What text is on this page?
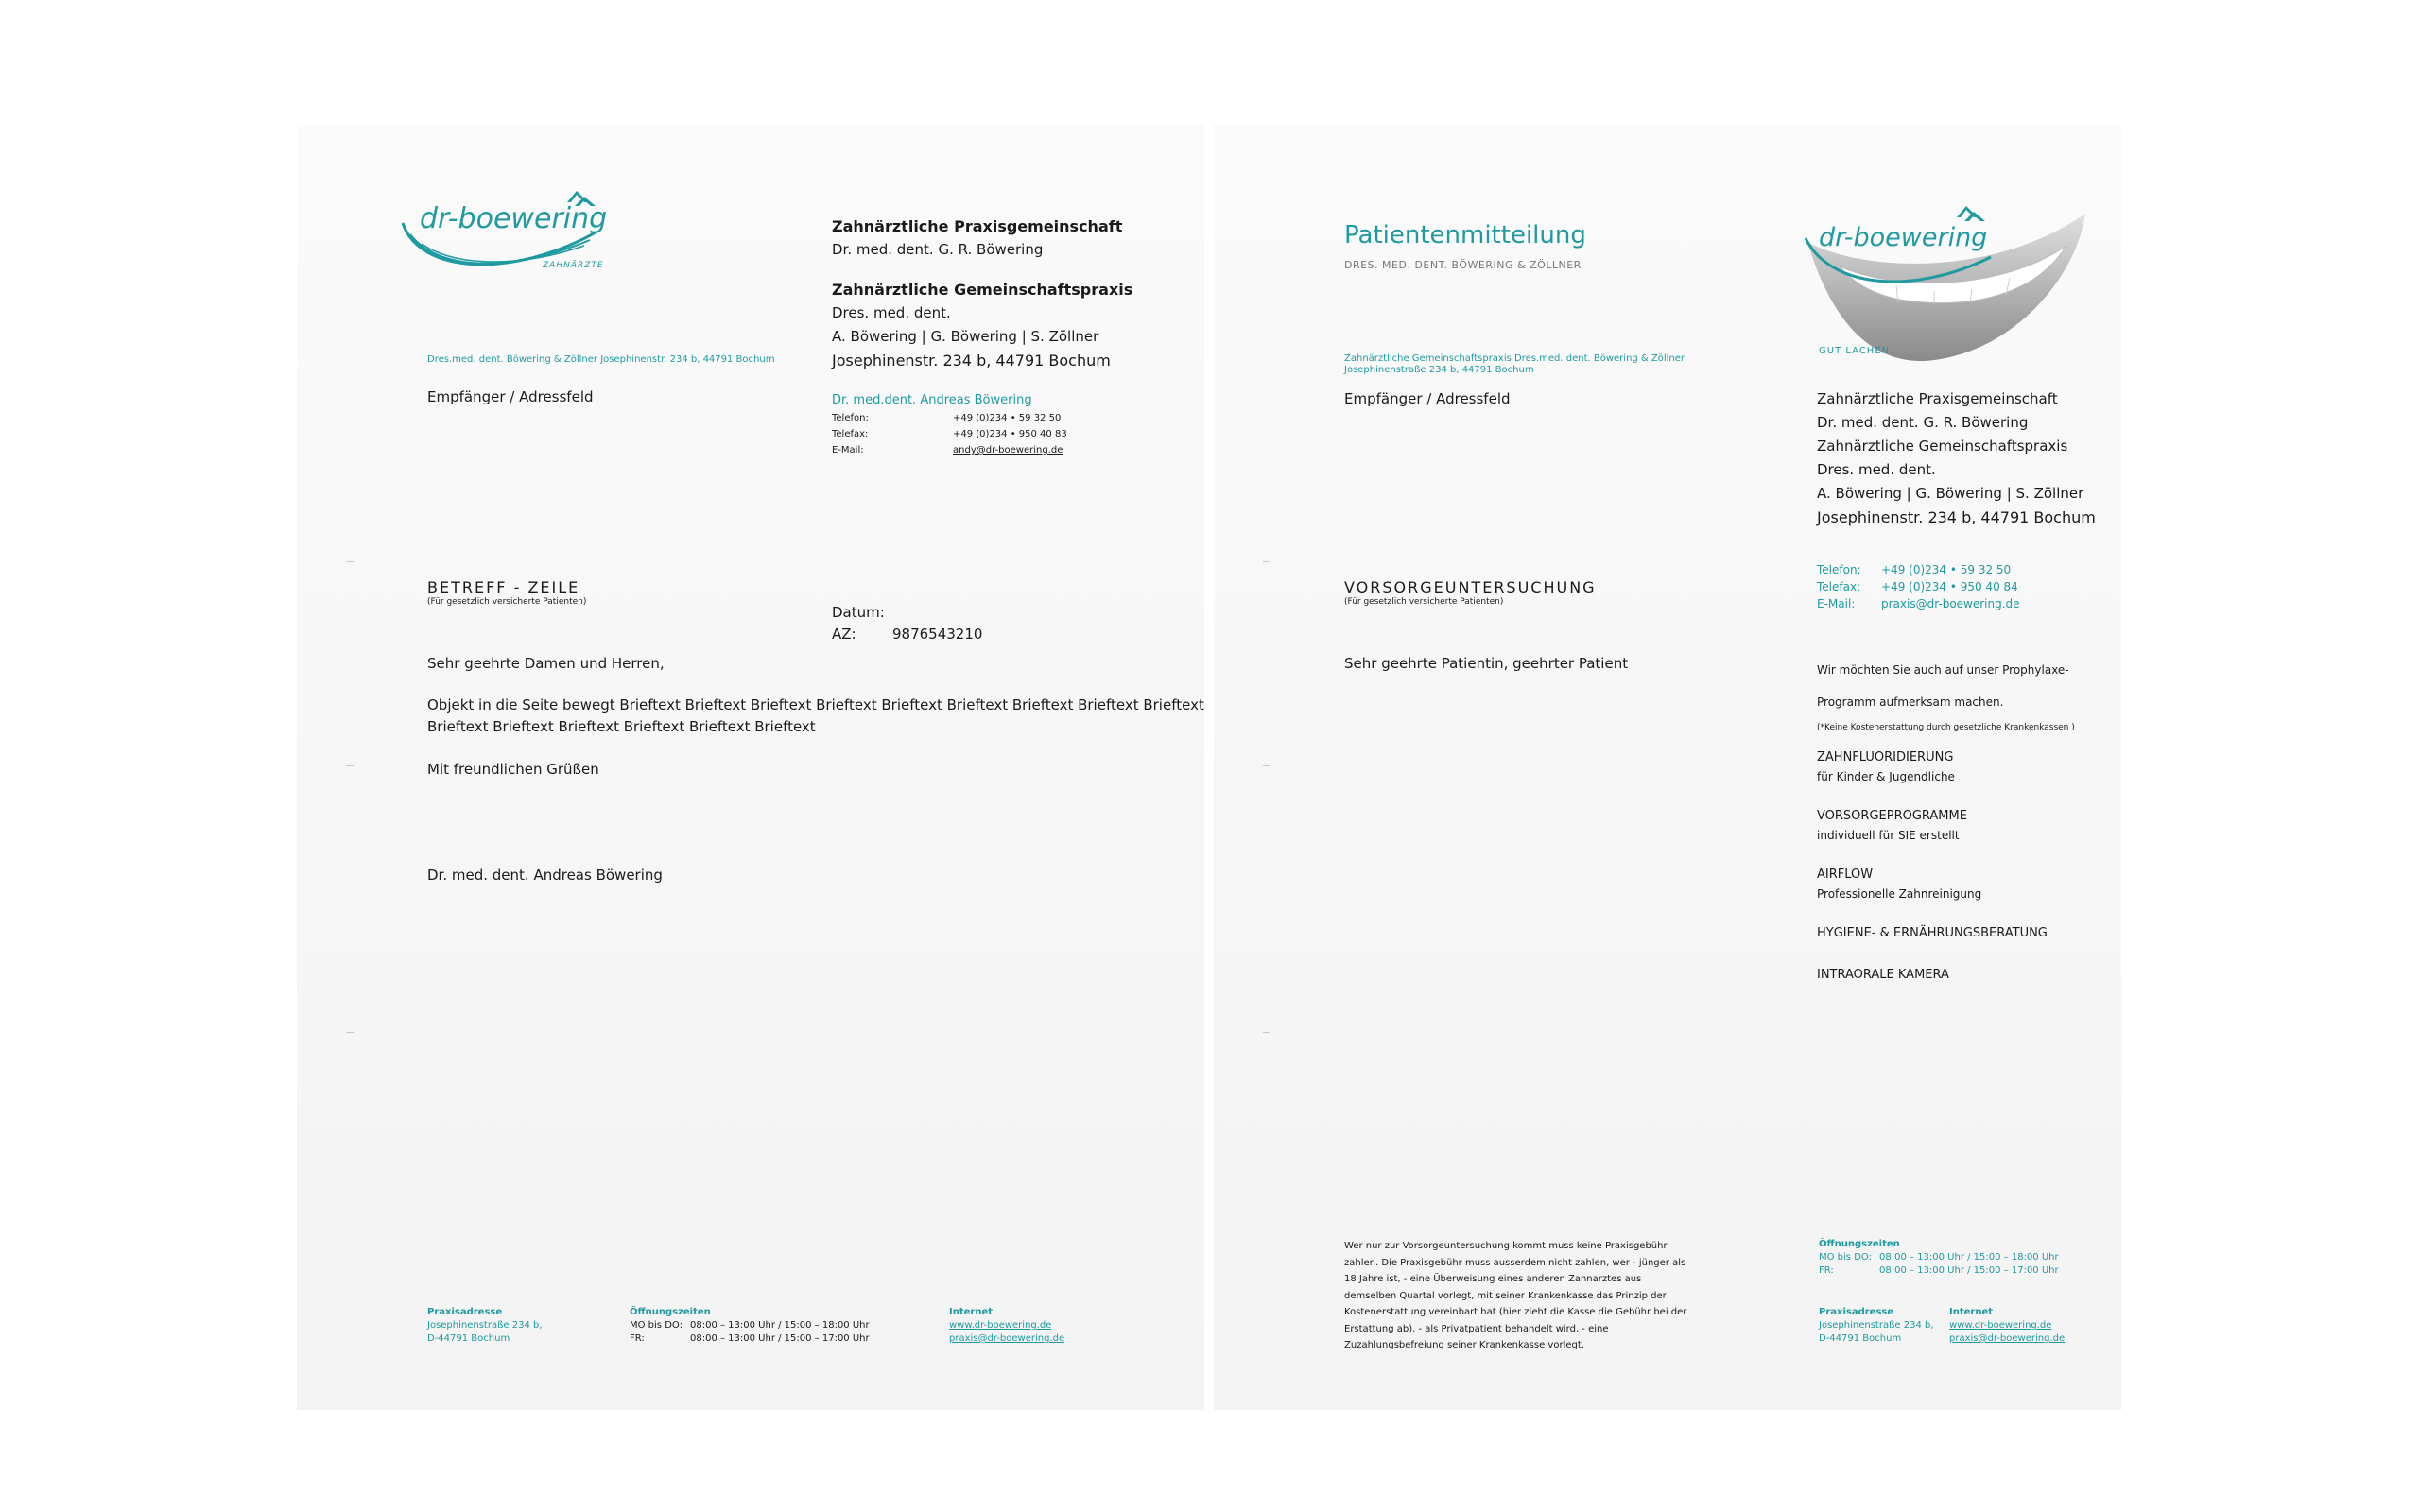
dr-boewering
ZAHNÄRZTE
Dres.med. dent. Böwering & Zöllner Josephinenstr. 234 b, 44791 Bochum
Empfänger / Adressfeld
Zahnärztliche Praxisgemeinschaft
Dr. med. dent. G. R. Böwering
Zahnärztliche Gemeinschaftspraxis
Dres. med. dent.
A. Böwering | G. Böwering | S. Zöllner
Josephinenstr. 234 b, 44791 Bochum
Dr. med.dent. Andreas Böwering
Telefon:	+49 (0)234 • 59 32 50
Telefax:	+49 (0)234 • 950 40 83
E-Mail:	andy@dr-boewering.de
BETREFF - ZEILE
(Für gesetzlich versicherte Patienten)
Datum:
AZ:	9876543210
Sehr geehrte Damen und Herren,
Objekt in die Seite bewegt Brieftext Brieftext Brieftext Brieftext Brieftext Brieftext Brieftext Brieftext Brieftext
Brieftext Brieftext Brieftext Brieftext Brieftext Brieftext
Mit freundlichen Grüßen
Dr. med. dent. Andreas Böwering
Praxisadresse
Josephinenstraße 234 b,
D-44791 Bochum
Öffnungszeiten
MO bis DO: 08:00 – 13:00 Uhr / 15:00 – 18:00 Uhr
FR:	08:00 – 13:00 Uhr / 15:00 – 17:00 Uhr
Internet
www.dr-boewering.de
praxis@dr-boewering.de
Patientenmitteilung
DRES. MED. DENT. BÖWERING & ZÖLLNER
dr-boewering
GUT LACHEN
Zahnärztliche Gemeinschaftspraxis Dres.med. dent. Böwering & Zöllner
Josephinenstraße 234 b, 44791 Bochum
Empfänger / Adressfeld	Zahnärztliche Praxisgemeinschaft
Dr. med. dent. G. R. Böwering
Zahnärztliche Gemeinschaftspraxis
Dres. med. dent.
A. Böwering | G. Böwering | S. Zöllner
Josephinenstr. 234 b, 44791 Bochum
Telefon: +49 (0)234 • 59 32 50
Telefax: +49 (0)234 • 950 40 84
E-Mail: praxis@dr-boewering.de
VORSORGEUNTERSUCHUNG
(Für gesetzlich versicherte Patienten)
Sehr geehrte Patientin, geehrter Patient	Wir möchten Sie auch auf unser Prophylaxe-
Programm aufmerksam machen.
(*Keine Kostenerstattung durch gesetzliche Krankenkassen )
ZAHNFLUORIDIERUNG
für Kinder & Jugendliche
VORSORGEPROGRAMME
individuell für SIE erstellt
AIRFLOW
Professionelle Zahnreinigung
HYGIENE- & ERNÄHRUNGSBERATUNG
INTRAORALE KAMERA
Wer nur zur Vorsorgeuntersuchung kommt muss keine Praxisgebühr
zahlen. Die Praxisgebühr muss ausserdem nicht zahlen, wer - jünger als
18 Jahre ist, - eine Überweisung eines anderen Zahnarztes aus
demselben Quartal vorlegt, mit seiner Krankenkasse das Prinzip der
Kostenerstattung vereinbart hat (hier zieht die Kasse die Gebühr bei der
Erstattung ab), - als Privatpatient behandelt wird, - eine
Zuzahlungsbefreiung seiner Krankenkasse vorlegt.
Öffnungszeiten
MO bis DO: 08:00 – 13:00 Uhr / 15:00 – 18:00 Uhr
FR:	08:00 – 13:00 Uhr / 15:00 – 17:00 Uhr
Praxisadresse
Josephinenstraße 234 b,
D-44791 Bochum
Internet
www.dr-boewering.de
praxis@dr-boewering.de
